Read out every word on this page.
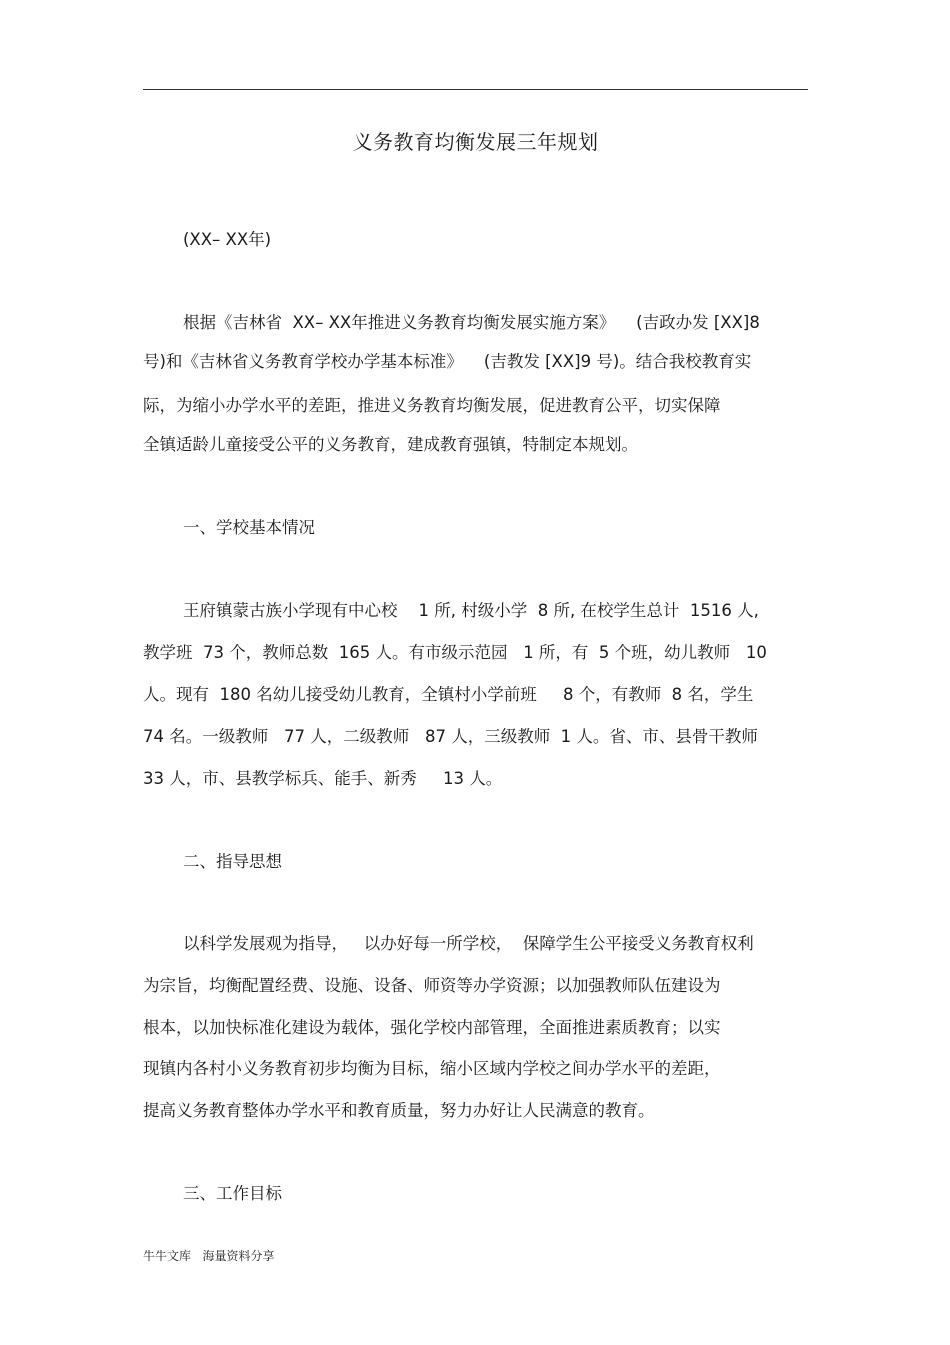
义务教育均衡发展三年规划
(XX– XX年)
根据《吉林省  XX– XX年推进义务教育均衡发展实施方案》    (吉政办发 [XX]8
号)和《吉林省义务教育学校办学基本标准》    (吉教发 [XX]9 号)。结合我校教育实
际，为缩小办学水平的差距，推进义务教育均衡发展，促进教育公平，切实保障
全镇适龄儿童接受公平的义务教育，建成教育强镇，特制定本规划。
一、学校基本情况
王府镇蒙古族小学现有中心校    1 所, 村级小学  8 所, 在校学生总计  1516 人,
教学班  73 个，教师总数  165 人。有市级示范园   1 所，有  5 个班，幼儿教师   10
人。现有  180 名幼儿接受幼儿教育，全镇村小学前班     8 个，有教师  8 名，学生
74 名。一级教师   77 人，二级教师   87 人，三级教师  1 人。省、市、县骨干教师
33 人，市、县教学标兵、能手、新秀     13 人。
二、指导思想
以科学发展观为指导，   以办好每一所学校，  保障学生公平接受义务教育权利
为宗旨，均衡配置经费、设施、设备、师资等办学资源；以加强教师队伍建设为
根本，以加快标准化建设为载体，强化学校内部管理，全面推进素质教育；以实
现镇内各村小义务教育初步均衡为目标，缩小区域内学校之间办学水平的差距，
提高义务教育整体办学水平和教育质量，努力办好让人民满意的教育。
三、工作目标
牛牛文库   海量资料分享
